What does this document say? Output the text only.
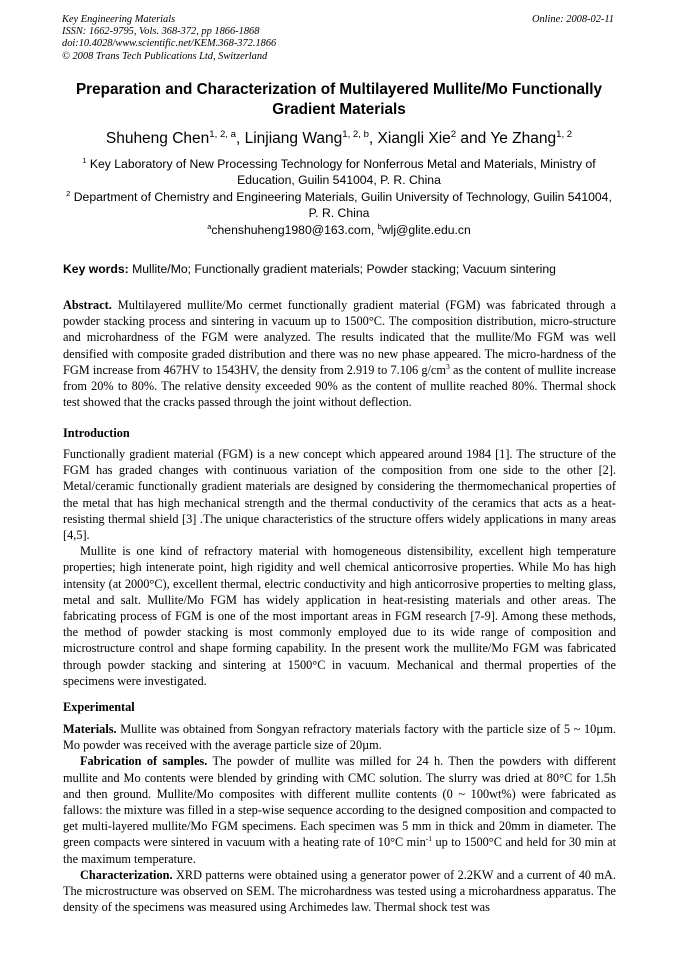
Key Engineering Materials
ISSN: 1662-9795, Vols. 368-372, pp 1866-1868
doi:10.4028/www.scientific.net/KEM.368-372.1866
© 2008 Trans Tech Publications Ltd, Switzerland
Online: 2008-02-11
Preparation and Characterization of Multilayered Mullite/Mo Functionally Gradient Materials
Shuheng Chen$^{1, 2, a}$, Linjiang Wang$^{1, 2, b}$, Xiangli Xie$^2$ and Ye Zhang$^{1, 2}$
$^1$ Key Laboratory of New Processing Technology for Nonferrous Metal and Materials, Ministry of Education, Guilin 541004, P. R. China
$^2$ Department of Chemistry and Engineering Materials, Guilin University of Technology, Guilin 541004, P. R. China
$^a$chenshuheng1980@163.com, $^b$wlj@glite.edu.cn
Key words: Mullite/Mo; Functionally gradient materials; Powder stacking; Vacuum sintering

Abstract. Multilayered mullite/Mo cermet functionally gradient material (FGM) was fabricated through a powder stacking process and sintering in vacuum up to 1500°C. The composition distribution, micro-structure and microhardness of the FGM were analyzed. The results indicated that the mullite/Mo FGM was well densified with composite graded distribution and there was no new phase appeared. The micro-hardness of the FGM increase from 467HV to 1543HV, the density from 2.919 to 7.106 $g/cm^3$ as the content of mullite increase from 20% to 80%. The relative density exceeded 90% as the content of mullite reached 80%. Thermal shock test showed that the cracks passed through the joint without deflection.

Introduction

Functionally gradient material (FGM) is a new concept which appeared around 1984 [1]. The structure of the FGM has graded changes with continuous variation of the composition from one side to the other [2]. Metal/ceramic functionally gradient materials are designed by considering the thermomechanical properties of the metal that has high mechanical strength and the thermal conductivity of the ceramics that acts as a heat-resisting thermal shield [3] .The unique characteristics of the structure offers widely applications in many areas [4,5].

Mullite is one kind of refractory material with homogeneous distensibility, excellent high temperature properties; high intenerate point, high rigidity and well chemical anticorrosive properties. While Mo has high intensity (at 2000°C), excellent thermal, electric conductivity and high anticorrosive properties to melting glass, metal and salt. Mullite/Mo FGM has widely application in heat-resisting materials and other areas. The fabricating process of FGM is one of the most important areas in FGM research [7-9]. Among these methods, the method of powder stacking is most commonly employed due to its wide range of composition and microstructure control and shape forming capability. In the present work the mullite/Mo FGM was fabricated through powder stacking and sintering at 1500°C in vacuum. Mechanical and thermal properties of the specimens were investigated.

Experimental

Materials. Mullite was obtained from Songyan refractory materials factory with the particle size of 5 ~ 10µm. Mo powder was received with the average particle size of 20µm.

Fabrication of samples. The powder of mullite was milled for 24 h. Then the powders with different mullite and Mo contents were blended by grinding with CMC solution. The slurry was dried at 80°C for 1.5h and then ground. Mullite/Mo composites with different mullite contents (0 ~ 100wt%) were fabricated as fallows: the mixture was filled in a step-wise sequence according to the designed composition and compacted to get multi-layered mullite/Mo FGM specimens. Each specimen was 5 mm in thick and 20mm in diameter. The green compacts were sintered in vacuum with a heating rate of 10°C $\min^{-1}$ up to 1500°C and held for 30 min at the maximum temperature.

Characterization. XRD patterns were obtained using a generator power of 2.2KW and a current of 40 mA. The microstructure was observed on SEM. The microhardness was tested using a microhardness apparatus. The density of the specimens was measured using Archimedes law. Thermal shock test was
